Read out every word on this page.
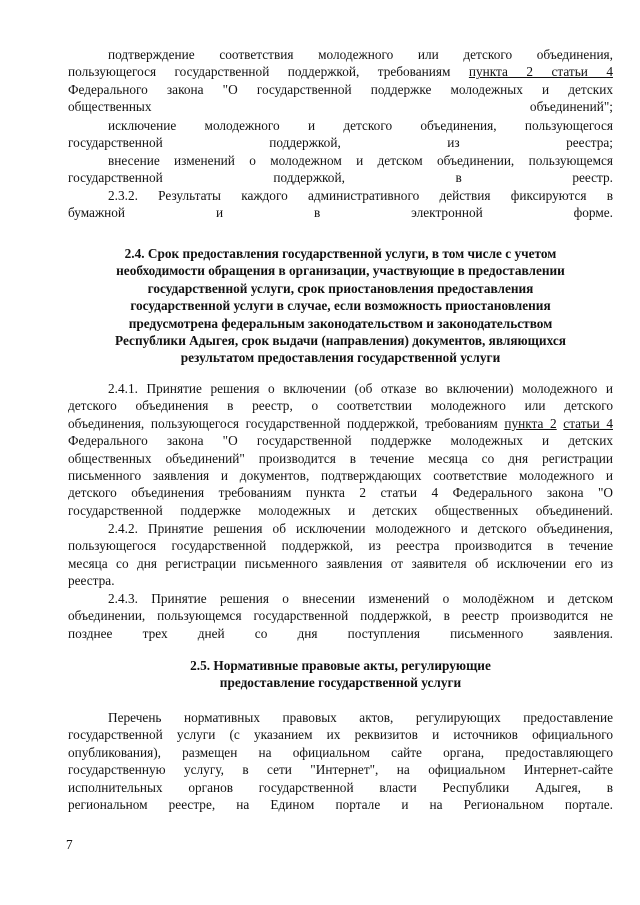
подтверждение соответствия молодежного или детского объединения,
пользующегося государственной поддержкой, требованиям пункта 2 статьи 4
Федерального закона "О государственной поддержке молодежных и детских
общественных объединений";

исключение молодежного и детского объединения, пользующегося
государственной поддержкой, из реестра;

внесение изменений о молодежном и детском объединении, пользующемся
государственной поддержкой, в реестр.

2.3.2. Результаты каждого административного действия фиксируются в
бумажной и в электронной форме.

2.4. Срок предоставления государственной услуги, в том числе с учетом
необходимости обращения в организации, участвующие в предоставлении
государственной услуги, срок приостановления предоставления
государственной услуги в случае, если возможность приостановления
предусмотрена федеральным законодательством и законодательством
Республики Адыгея, срок выдачи (направления) документов, являющихся
результатом предоставления государственной услуги

2.4.1. Принятие решения о включении (об отказе во включении) молодежного и
детского объединения в реестр, о соответствии молодежного или детского
объединения, пользующегося государственной поддержкой, требованиям пункта 2 статьи 4 Федерального закона "О государственной поддержке молодежных и детских
общественных объединений" производится в течение месяца со дня регистрации
письменного заявления и документов, подтверждающих соответствие молодежного и
детского объединения требованиям пункта 2 статьи 4 Федерального закона "О
государственной поддержке молодежных и детских общественных объединений.

2.4.2. Принятие решения об исключении молодежного и детского объединения,
пользующегося государственной поддержкой, из реестра производится в течение
месяца со дня регистрации письменного заявления от заявителя об исключении его из
реестра.

2.4.3. Принятие решения о внесении изменений о молодёжном и детском
объединении, пользующемся государственной поддержкой, в реестр производится не
позднее трех дней со дня поступления письменного заявления.

2.5. Нормативные правовые акты, регулирующие
предоставление государственной услуги

Перечень нормативных правовых актов, регулирующих предоставление
государственной услуги (с указанием их реквизитов и источников официального
опубликования), размещен на официальном сайте органа, предоставляющего
государственную услугу, в сети "Интернет", на официальном Интернет-сайте
исполнительных органов государственной власти Республики Адыгея, в
региональном реестре, на Едином портале и на Региональном портале.

7
